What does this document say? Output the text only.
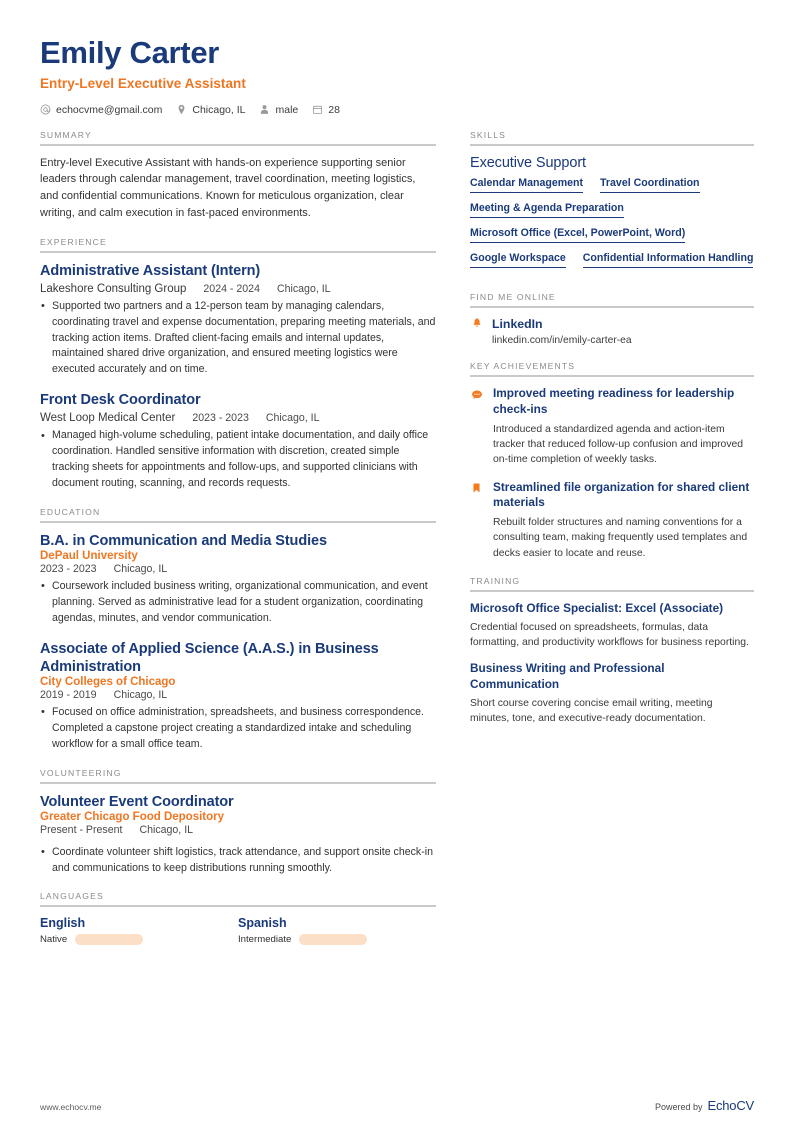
Emily Carter
Entry-Level Executive Assistant
echocvme@gmail.com	Chicago, IL	male	28
SUMMARY
Entry-level Executive Assistant with hands-on experience supporting senior leaders through calendar management, travel coordination, meeting logistics, and confidential communications. Known for meticulous organization, clear writing, and calm execution in fast-paced environments.
EXPERIENCE
Administrative Assistant (Intern)
Lakeshore Consulting Group 2024 - 2024 Chicago, IL
• Supported two partners and a 12-person team by managing calendars, coordinating travel and expense documentation, preparing meeting materials, and tracking action items. Drafted client-facing emails and internal updates, maintained shared drive organization, and ensured meeting logistics were executed accurately and on time.
Front Desk Coordinator
West Loop Medical Center 2023 - 2023 Chicago, IL
• Managed high-volume scheduling, patient intake documentation, and daily office coordination. Handled sensitive information with discretion, created simple tracking sheets for appointments and follow-ups, and supported clinicians with document routing, scanning, and records requests.
EDUCATION
B.A. in Communication and Media Studies
DePaul University
2023 - 2023 Chicago, IL
• Coursework included business writing, organizational communication, and event planning. Served as administrative lead for a student organization, coordinating agendas, minutes, and vendor communication.
Associate of Applied Science (A.A.S.) in Business Administration
City Colleges of Chicago
2019 - 2019 Chicago, IL
• Focused on office administration, spreadsheets, and business correspondence. Completed a capstone project creating a standardized intake and scheduling workflow for a small office team.
VOLUNTEERING
Volunteer Event Coordinator
Greater Chicago Food Depository
Present - Present Chicago, IL
• Coordinate volunteer shift logistics, track attendance, and support onsite check-in and communications to keep distributions running smoothly.
LANGUAGES
English
Native
Spanish
Intermediate
SKILLS
Executive Support
Calendar Management Travel Coordination
Meeting & Agenda Preparation
Microsoft Office (Excel, PowerPoint, Word)
Google Workspace Confidential Information Handling
FIND ME ONLINE
LinkedIn
linkedin.com/in/emily-carter-ea
KEY ACHIEVEMENTS
Improved meeting readiness for leadership check-ins
Introduced a standardized agenda and action-item tracker that reduced follow-up confusion and improved on-time completion of weekly tasks.
Streamlined file organization for shared client materials
Rebuilt folder structures and naming conventions for a consulting team, making frequently used templates and decks easier to locate and reuse.
TRAINING
Microsoft Office Specialist: Excel (Associate)
Credential focused on spreadsheets, formulas, data formatting, and productivity workflows for business reporting.
Business Writing and Professional Communication
Short course covering concise email writing, meeting minutes, tone, and executive-ready documentation.
www.echocv.me	Powered by EchoCV
